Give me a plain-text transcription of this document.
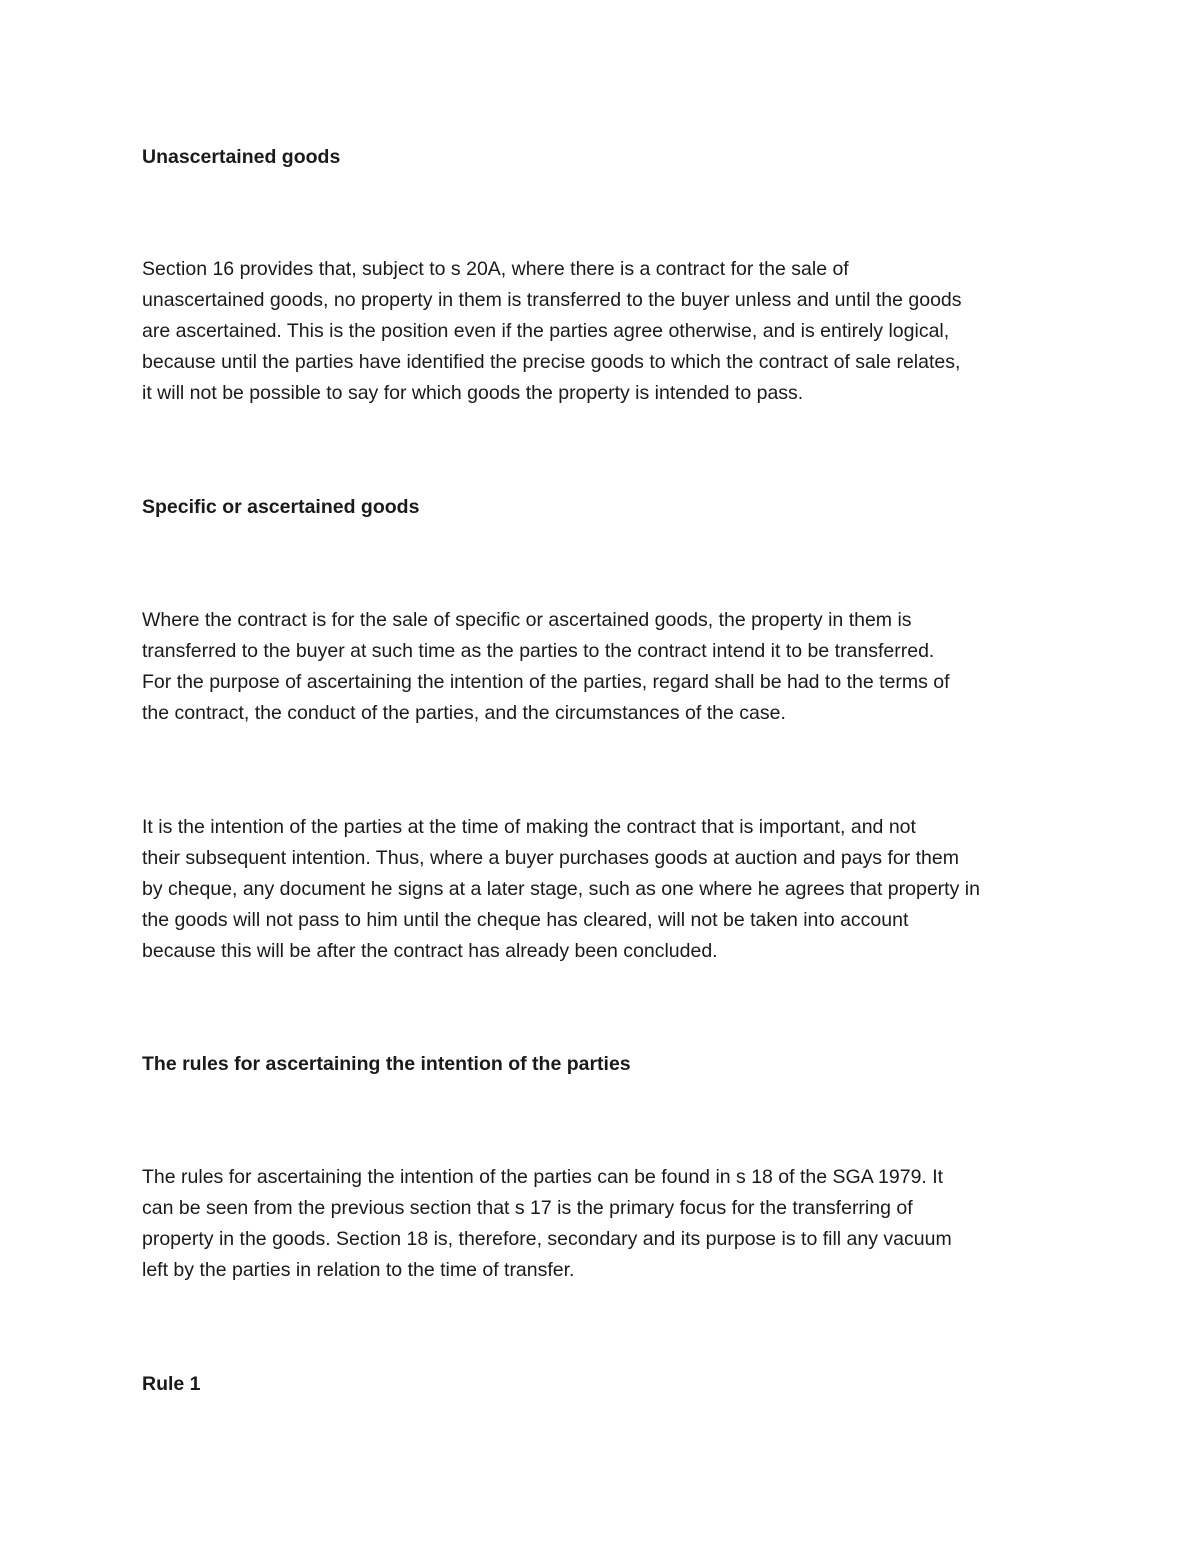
Unascertained goods

Section 16 provides that, subject to s 20A, where there is a contract for the sale of
unascertained goods, no property in them is transferred to the buyer unless and until the goods
are ascertained. This is the position even if the parties agree otherwise, and is entirely logical,
because until the parties have identified the precise goods to which the contract of sale relates,
it will not be possible to say for which goods the property is intended to pass.

Specific or ascertained goods

Where the contract is for the sale of specific or ascertained goods, the property in them is
transferred to the buyer at such time as the parties to the contract intend it to be transferred.
For the purpose of ascertaining the intention of the parties, regard shall be had to the terms of
the contract, the conduct of the parties, and the circumstances of the case.

It is the intention of the parties at the time of making the contract that is important, and not
their subsequent intention. Thus, where a buyer purchases goods at auction and pays for them
by cheque, any document he signs at a later stage, such as one where he agrees that property in
the goods will not pass to him until the cheque has cleared, will not be taken into account
because this will be after the contract has already been concluded.

The rules for ascertaining the intention of the parties

The rules for ascertaining the intention of the parties can be found in s 18 of the SGA 1979. It
can be seen from the previous section that s 17 is the primary focus for the transferring of
property in the goods. Section 18 is, therefore, secondary and its purpose is to fill any vacuum
left by the parties in relation to the time of transfer.

Rule 1
